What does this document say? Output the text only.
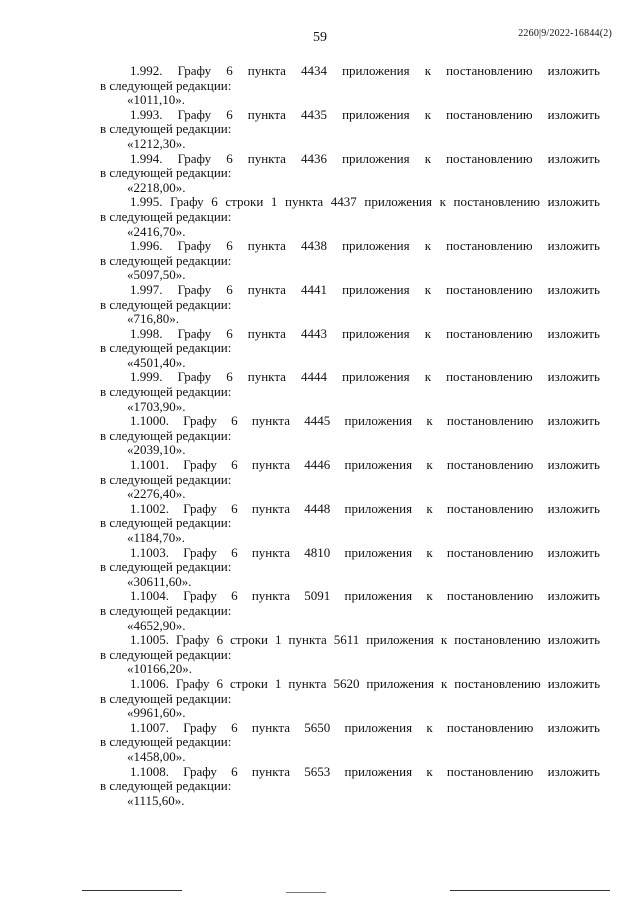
59	2260|9/2022-16844(2)
1.992. Графу 6 пункта 4434 приложения к постановлению изложить
в следующей редакции:
«1011,10».
1.993. Графу 6 пункта 4435 приложения к постановлению изложить
в следующей редакции:
«1212,30».
1.994. Графу 6 пункта 4436 приложения к постановлению изложить
в следующей редакции:
«2218,00».
1.995. Графу 6 строки 1 пункта 4437 приложения к постановлению изложить
в следующей редакции:
«2416,70».
1.996. Графу 6 пункта 4438 приложения к постановлению изложить
в следующей редакции:
«5097,50».
1.997. Графу 6 пункта 4441 приложения к постановлению изложить
в следующей редакции:
«716,80».
1.998. Графу 6 пункта 4443 приложения к постановлению изложить
в следующей редакции:
«4501,40».
1.999. Графу 6 пункта 4444 приложения к постановлению изложить
в следующей редакции:
«1703,90».
1.1000. Графу 6 пункта 4445 приложения к постановлению изложить
в следующей редакции:
«2039,10».
1.1001. Графу 6 пункта 4446 приложения к постановлению изложить
в следующей редакции:
«2276,40».
1.1002. Графу 6 пункта 4448 приложения к постановлению изложить
в следующей редакции:
«1184,70».
1.1003. Графу 6 пункта 4810 приложения к постановлению изложить
в следующей редакции:
«30611,60».
1.1004. Графу 6 пункта 5091 приложения к постановлению изложить
в следующей редакции:
«4652,90».
1.1005. Графу 6 строки 1 пункта 5611 приложения к постановлению изложить
в следующей редакции:
«10166,20».
1.1006. Графу 6 строки 1 пункта 5620 приложения к постановлению изложить
в следующей редакции:
«9961,60».
1.1007. Графу 6 пункта 5650 приложения к постановлению изложить
в следующей редакции:
«1458,00».
1.1008. Графу 6 пункта 5653 приложения к постановлению изложить
в следующей редакции:
«1115,60».
